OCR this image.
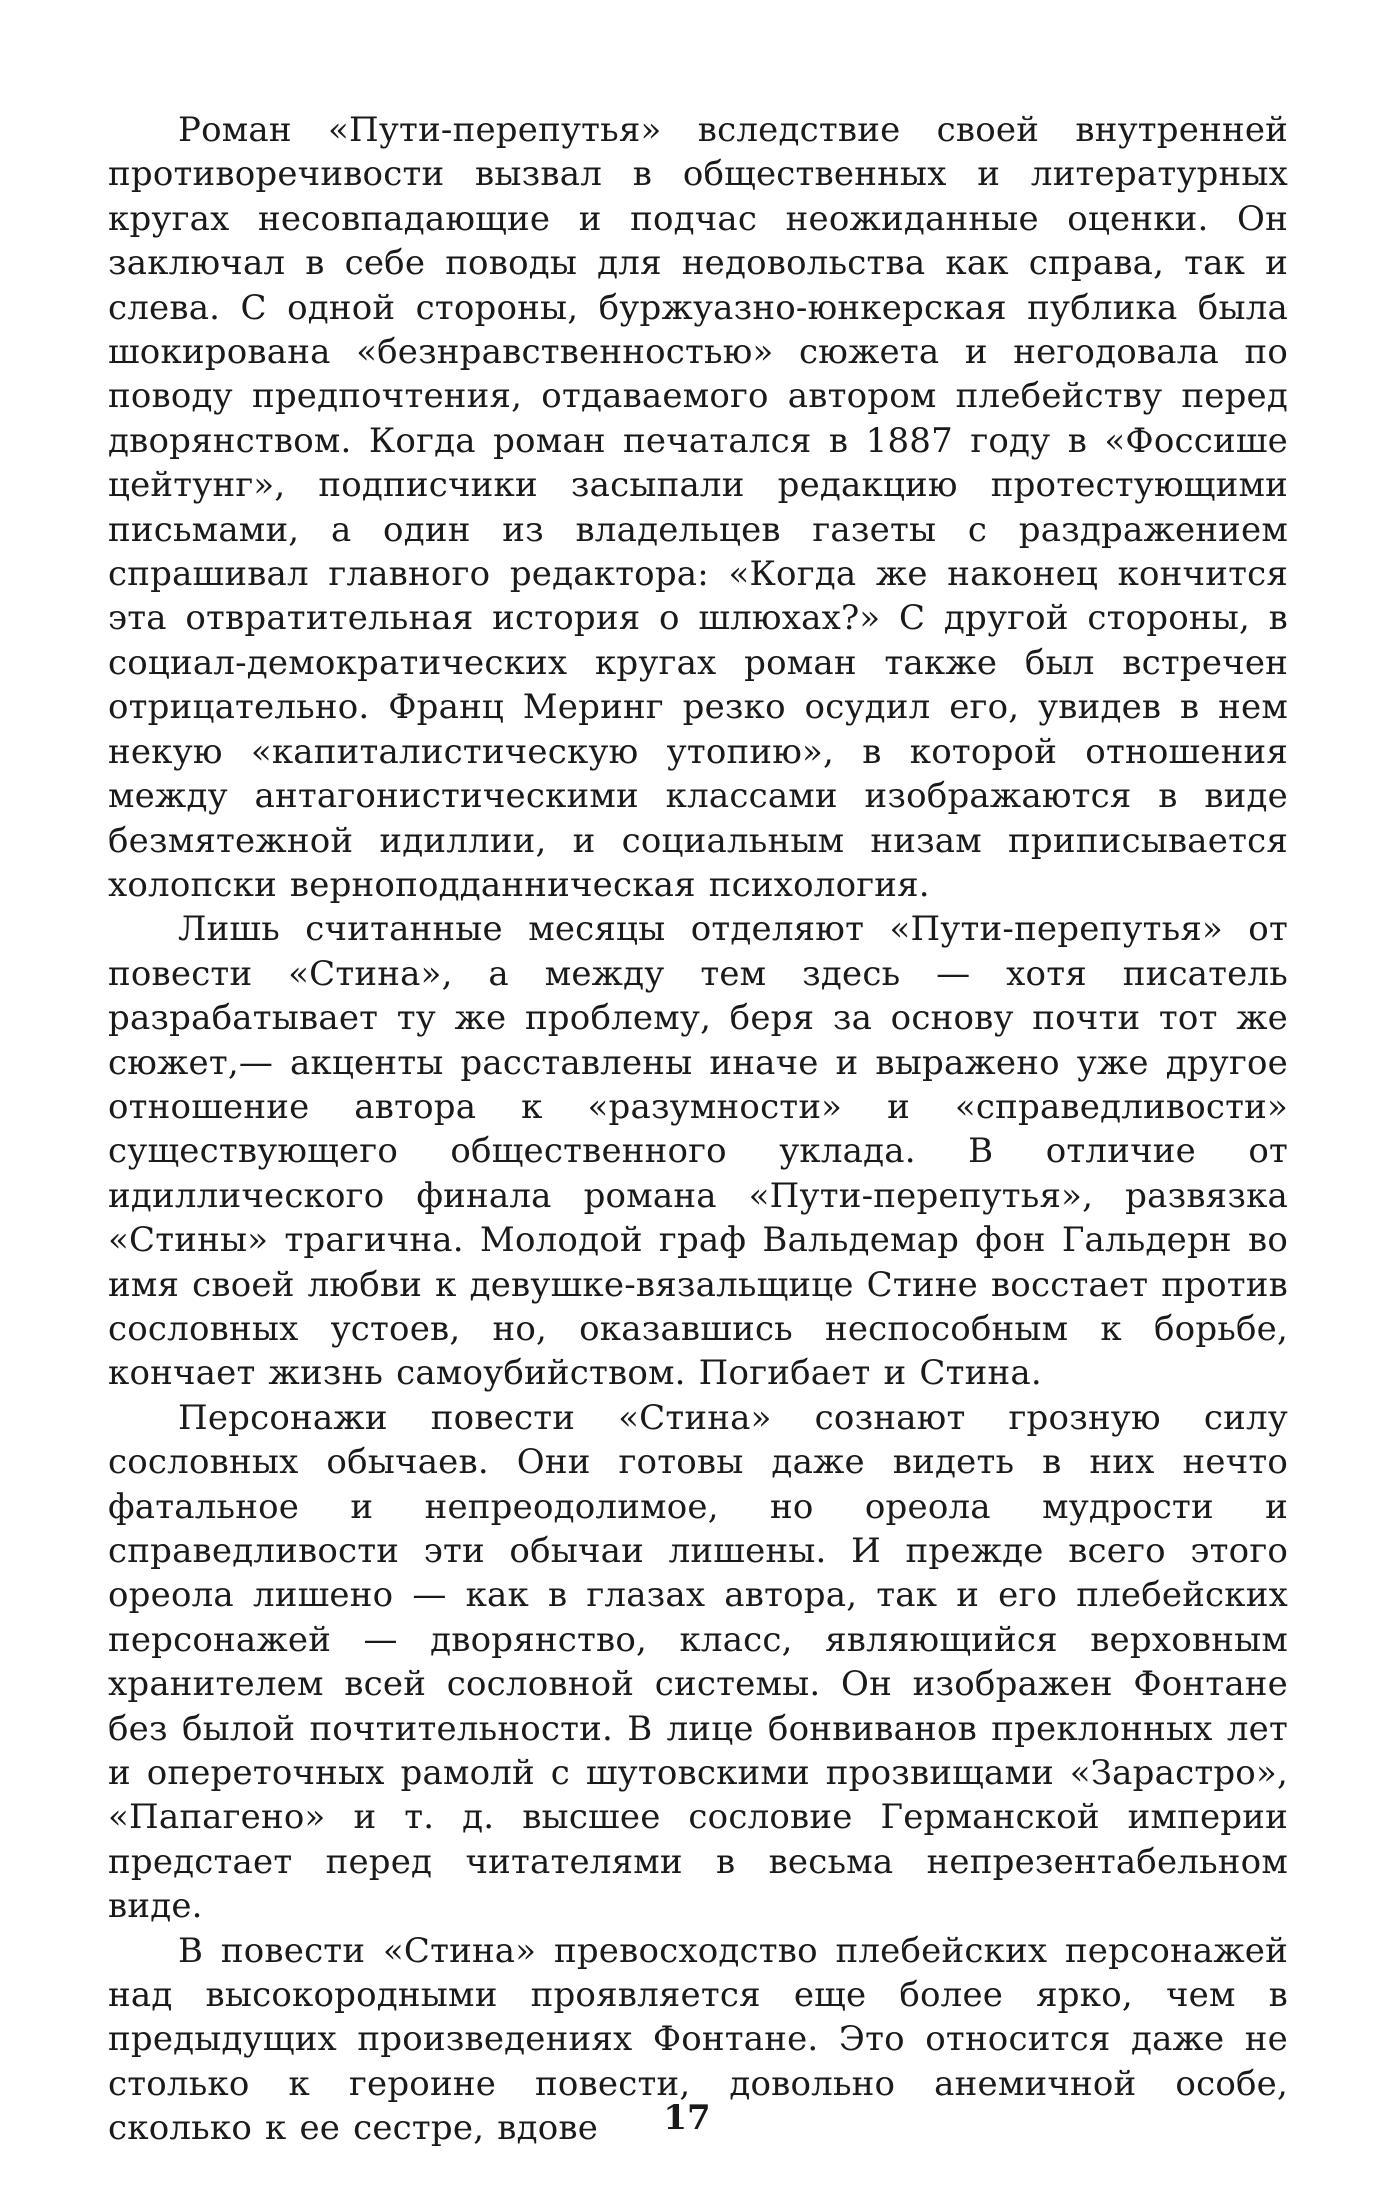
Роман «Пути-перепутья» вследствие своей внутренней противоречивости вызвал в общественных и литературных кругах несовпадающие и подчас неожиданные оценки. Он заключал в себе поводы для недовольства как справа, так и слева. С одной стороны, буржуазно-юнкерская публика была шокирована «безнравственностью» сюжета и негодовала по поводу предпочтения, отдаваемого автором плебейству перед дворянством. Когда роман печатался в 1887 году в «Фоссише цейтунг», подписчики засыпали редакцию протестующими письмами, а один из владельцев газеты с раздражением спрашивал главного редактора: «Когда же наконец кончится эта отвратительная история о шлюхах?» С другой стороны, в социал-демократических кругах роман также был встречен отрицательно. Франц Меринг резко осудил его, увидев в нем некую «капиталистическую утопию», в которой отношения между антагонистическими классами изображаются в виде безмятежной идиллии, и социальным низам приписывается холопски верноподданническая психология.

Лишь считанные месяцы отделяют «Пути-перепутья» от повести «Стина», а между тем здесь — хотя писатель разрабатывает ту же проблему, беря за основу почти тот же сюжет,— акценты расставлены иначе и выражено уже другое отношение автора к «разумности» и «справедливости» существующего общественного уклада. В отличие от идиллического финала романа «Пути-перепутья», развязка «Стины» трагична. Молодой граф Вальдемар фон Гальдерн во имя своей любви к девушке-вязальщице Стине восстает против сословных устоев, но, оказавшись неспособным к борьбе, кончает жизнь самоубийством. Погибает и Стина.

Персонажи повести «Стина» сознают грозную силу сословных обычаев. Они готовы даже видеть в них нечто фатальное и непреодолимое, но ореола мудрости и справедливости эти обычаи лишены. И прежде всего этого ореола лишено — как в глазах автора, так и его плебейских персонажей — дворянство, класс, являющийся верховным хранителем всей сословной системы. Он изображен Фонтане без былой почтительности. В лице бонвиванов преклонных лет и опереточных рамолй с шутовскими прозвищами «Зарастро», «Папагено» и т. д. высшее сословие Германской империи предстает перед читателями в весьма непрезентабельном виде.

В повести «Стина» превосходство плебейских персонажей над высокородными проявляется еще более ярко, чем в предыдущих произведениях Фонтане. Это относится даже не столько к героине повести, довольно анемичной особе, сколько к ее сестре, вдове	17
